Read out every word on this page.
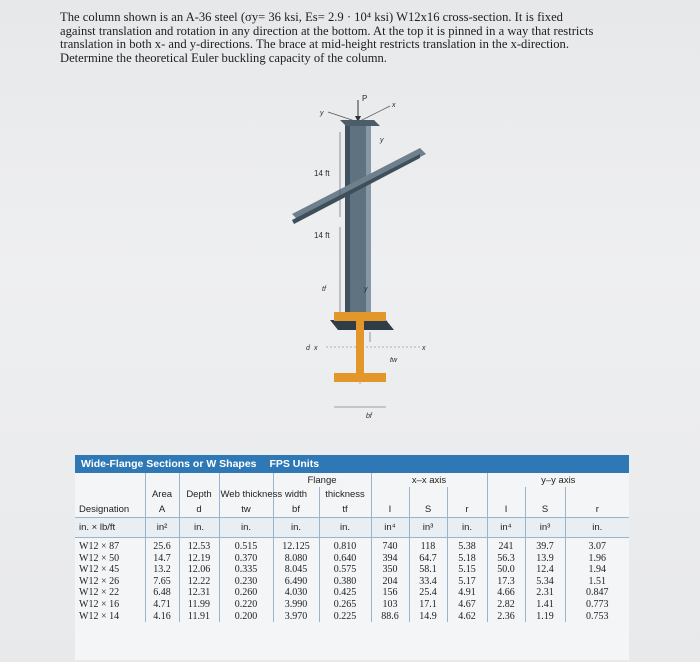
The column shown is an A-36 steel (σy= 36 ksi, Es= 2.9 · 10⁴ ksi) W12x16 cross-section. It is fixed
against translation and rotation in any direction at the bottom. At the top it is pinned in a way that restricts
translation in both x- and y-directions. The brace at mid-height restricts translation in the x-direction.
Determine the theoretical Euler buckling capacity of the column.
P
x
y
y
14 ft
14 ft
y
tf
x
d x
tw
bf
Wide-Flange Sections or W Shapes FPS Units
				Flange		x–x axis			y–y axis		
	Area	Depth	Web thickness	width	thickness						
Designation	A	d	tw	bf	tf	I	S	r	I	S	r
in. × lb/ft	in²	in.	in.	in.	in.	in⁴	in³	in.	in⁴	in³	in.
W12 × 87	25.6	12.53	0.515	12.125	0.810	740	118	5.38	241	39.7	3.07
W12 × 50	14.7	12.19	0.370	8.080	0.640	394	64.7	5.18	56.3	13.9	1.96
W12 × 45	13.2	12.06	0.335	8.045	0.575	350	58.1	5.15	50.0	12.4	1.94
W12 × 26	7.65	12.22	0.230	6.490	0.380	204	33.4	5.17	17.3	5.34	1.51
W12 × 22	6.48	12.31	0.260	4.030	0.425	156	25.4	4.91	4.66	2.31	0.847
W12 × 16	4.71	11.99	0.220	3.990	0.265	103	17.1	4.67	2.82	1.41	0.773
W12 × 14	4.16	11.91	0.200	3.970	0.225	88.6	14.9	4.62	2.36	1.19	0.753
